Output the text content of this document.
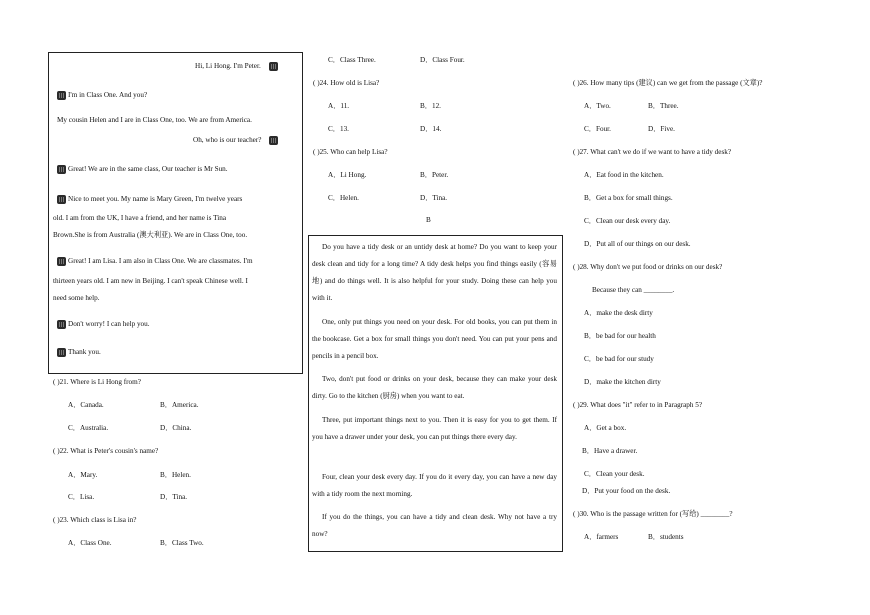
Hi, Li Hong. I'm Peter.
I'm in Class One. And you?
My cousin Helen and I are in Class One, too. We are from America.
Oh, who is our teacher?
Great! We are in the same class, Our teacher is Mr Sun.
Nice to meet you. My name is Mary Green, I'm twelve years
old. I am from the UK, I have a friend, and her name is Tina
Brown.She is from Australia (澳大利亚). We are in Class One, too.
Great! I am Lisa. I am also in Class One. We are classmates. I'm
thirteen years old. I am new in Beijing. I can't speak Chinese well. I
need some help.
Don't worry! I can help you.
Thank you.
( )21. Where is Li Hong from?
A．Canada.	B．America.
C．Australia.	D．China.
( )22. What is Peter's cousin's name?
A．Mary.	B．Helen.
C．Lisa.	D．Tina.
( )23. Which class is Lisa in?
A．Class One.	B．Class Two.
C．Class Three.	D．Class Four.
( )24. How old is Lisa?
A．11.	B．12.
C．13.	D．14.
( )25. Who can help Lisa?
A．Li Hong.	B．Peter.
C．Helen.	D．Tina.
B
Do you have a tidy desk or an untidy desk at home? Do you want to keep your desk clean and tidy for a long time? A tidy desk helps you find things easily (容易地) and do things well. It is also helpful for your study. Doing these can help you with it.
One, only put things you need on your desk. For old books, you can put them in the bookcase. Get a box for small things you don't need. You can put your pens and pencils in a pencil box.
Two, don't put food or drinks on your desk, because they can make your desk dirty. Go to the kitchen (厨房) when you want to eat.
Three, put important things next to you. Then it is easy for you to get them. If you have a drawer under your desk, you can put things there every day.
Four, clean your desk every day. If you do it every day, you can have a new day with a tidy room the next morning.
If you do the things, you can have a tidy and clean desk. Why not have a try now?
( )26. How many tips (建议) can we get from the passage (文章)?
A．Two.	B．Three.
C．Four.	D．Five.
( )27. What can't we do if we want to have a tidy desk?
A．Eat food in the kitchen.
B．Get a box for small things.
C．Clean our desk every day.
D．Put all of our things on our desk.
( )28. Why don't we put food or drinks on our desk?
Because they can ________.
A．make the desk dirty
B．be bad for our health
C．be bad for our study
D．make the kitchen dirty
( )29. What does "it" refer to in Paragraph 5?
A．Get a box.
B．Have a drawer.
C．Clean your desk.
D．Put your food on the desk.
( )30. Who is the passage written for (写给) ________?
A．farmers	B．students
